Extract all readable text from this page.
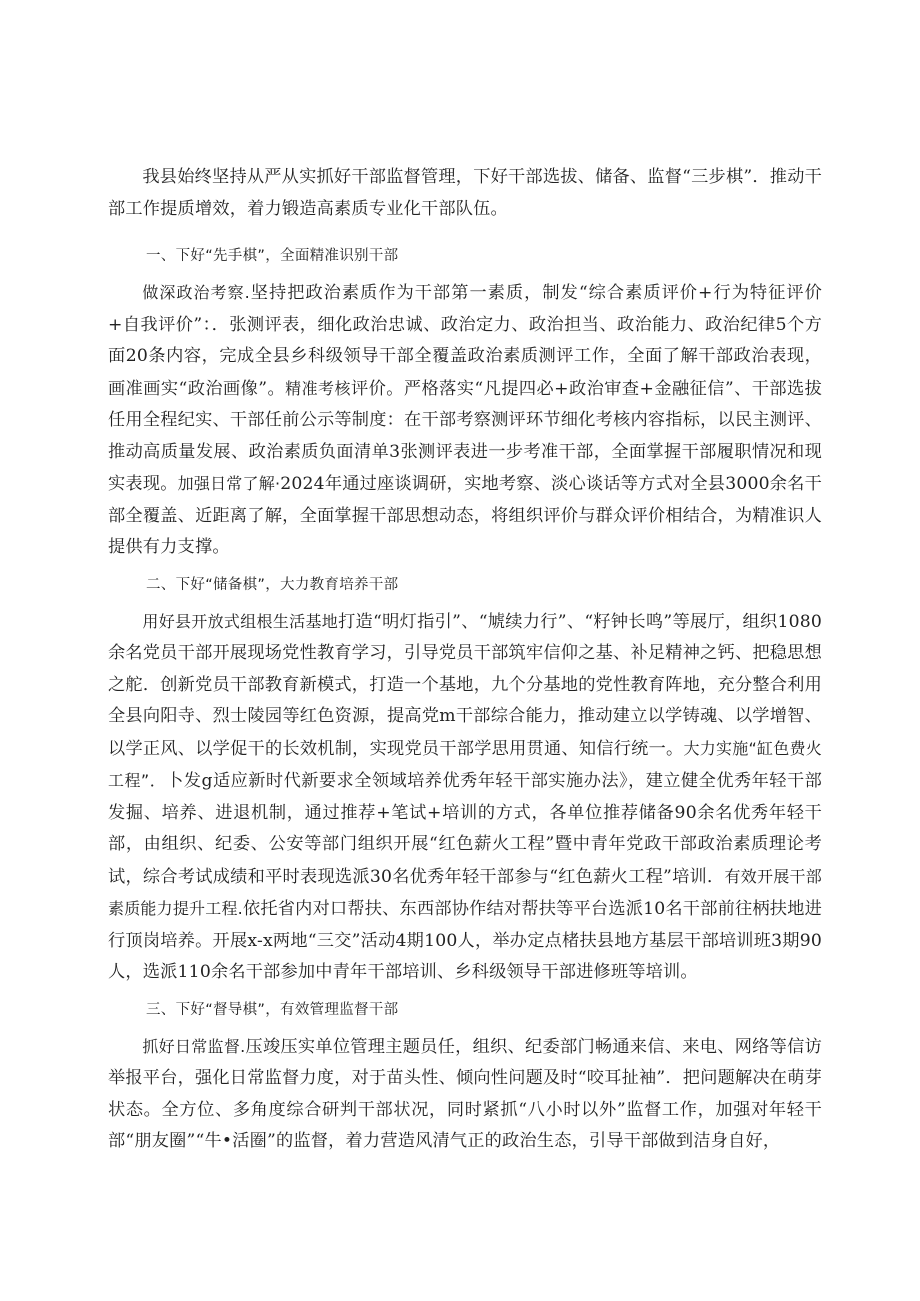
我县始终坚持从严从实抓好干部监督管理，下好干部选拔、储备、监督“三步棋”．推动干部工作提质增效，着力锻造高素质专业化干部队伍。

一、下好“先手棋”，全面精准识别干部

做深政治考察.坚持把政治素质作为干部第一素质，制发“综合素质评价+行为特征评价+自我评价”：．张测评表，细化政治忠诚、政治定力、政治担当、政治能力、政治纪律5个方面20条内容，完成全县乡科级领导干部全覆盖政治素质测评工作，全面了解干部政治表现，画准画实“政治画像”。精准考核评价。严格落实“凡提四必+政治审查+金融征信”、干部选拔任用全程纪实、干部任前公示等制度：在干部考察测评环节细化考核内容指标，以民主测评、推动高质量发展、政治素质负面清单3张测评表进一步考准干部，全面掌握干部履职情况和现实表现。加强日常了解·2024年通过座谈调研，实地考察、淡心谈话等方式对全县3000余名干部全覆盖、近距离了解，全面掌握干部思想动态，将组织评价与群众评价相结合，为精准识人提供有力支撑。

二、下好“储备棋”，大力教育培养干部

用好县开放式组根生活基地打造“明灯指引”、“虓续力行”、“籽钟长鸣”等展厅，组织1080余名党员干部开展现场党性教育学习，引导党员干部筑牢信仰之基、补足精神之钙、把稳思想之舵．创新党员干部教育新模式，打造一个基地，九个分基地的党性教育阵地，充分整合利用全县向阳寺、烈士陵园等红色资源，提高党m干部综合能力，推动建立以学铸魂、以学增智、以学正风、以学促干的长效机制，实现党员干部学思用贯通、知信行统一。大力实施“缸色费火工程”．卜发g适应新时代新要求全领域培养优秀年轻干部实施办法》，建立健全优秀年轻干部发掘、培养、进退机制，通过推荐+笔试+培训的方式，各单位推荐储备90余名优秀年轻干部，由组织、纪委、公安等部门组织开展“红色薪火工程”暨中青年党政干部政治素质理论考试，综合考试成绩和平时表现选派30名优秀年轻干部参与“红色薪火工程”培训．有效开展干部素质能力提升工程.依托省内对口帮扶、东西部协作结对帮扶等平台选派10名干部前往柄扶地进行顶岗培养。开展x-x两地“三交”活动4期100人，举办定点楮扶县地方基层干部培训班3期90人，选派110余名干部参加中青年干部培训、乡科级领导干部进修班等培训。

三、下好“督导棋”，有效管理监督干部

抓好日常监督.压竣压实单位管理主题员任，组织、纪委部门畅通来信、来电、网络等信访举报平台，强化日常监督力度，对于苗头性、倾向性问题及时“咬耳扯袖”．把问题解决在萌芽状态。全方位、多角度综合研判干部状况，同时紧抓“八小时以外”监督工作，加强对年轻干部“朋友圈”“牛•活圈”的监督，着力营造风清气正的政治生态，引导干部做到洁身自好，
